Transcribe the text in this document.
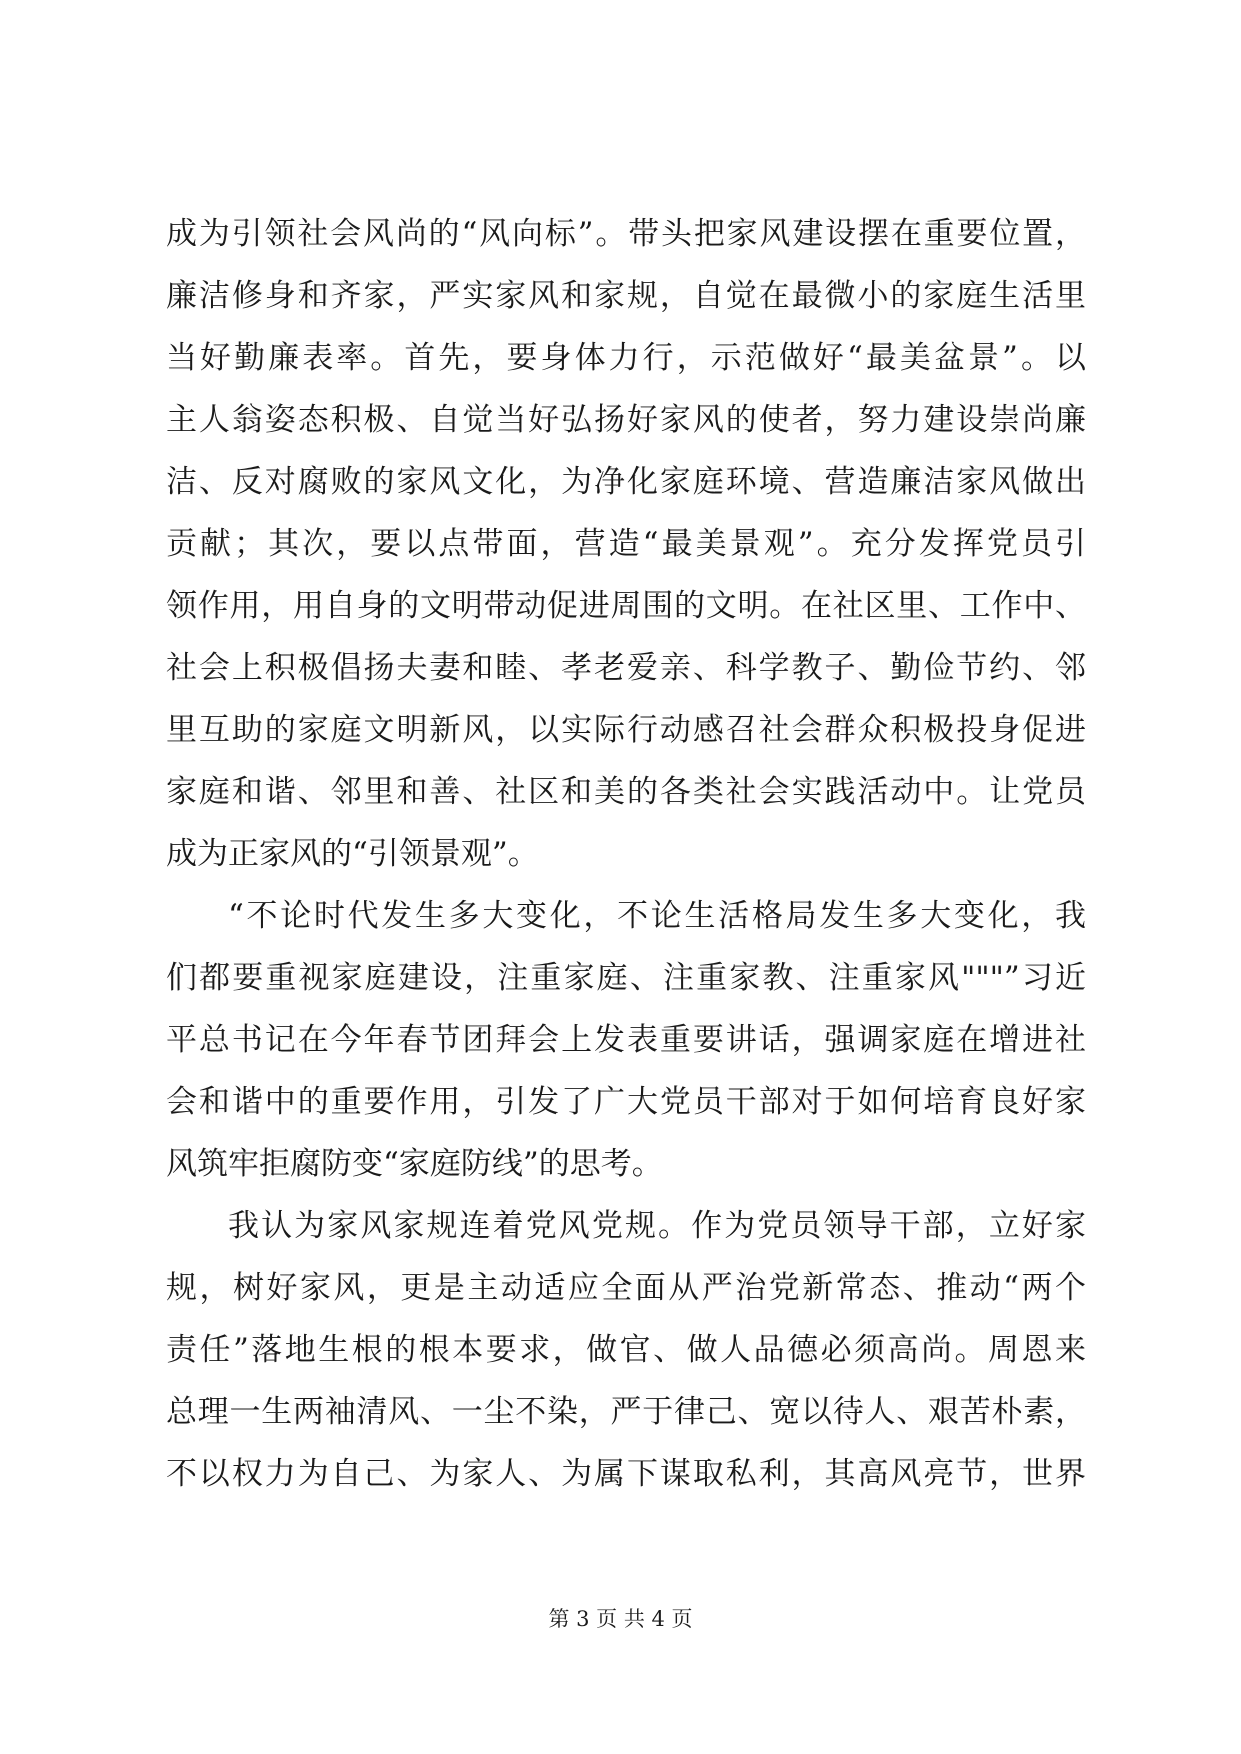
成为引领社会风尚的“风向标”。带头把家风建设摆在重要位置，
廉洁修身和齐家，严实家风和家规，自觉在最微小的家庭生活里
当好勤廉表率。首先，要身体力行，示范做好“最美盆景”。以
主人翁姿态积极、自觉当好弘扬好家风的使者，努力建设崇尚廉
洁、反对腐败的家风文化，为净化家庭环境、营造廉洁家风做出
贡献；其次，要以点带面，营造“最美景观”。充分发挥党员引
领作用，用自身的文明带动促进周围的文明。在社区里、工作中、
社会上积极倡扬夫妻和睦、孝老爱亲、科学教子、勤俭节约、邻
里互助的家庭文明新风，以实际行动感召社会群众积极投身促进
家庭和谐、邻里和善、社区和美的各类社会实践活动中。让党员
成为正家风的“引领景观”。
“不论时代发生多大变化，不论生活格局发生多大变化，我
们都要重视家庭建设，注重家庭、注重家教、注重家风"""”习近
平总书记在今年春节团拜会上发表重要讲话，强调家庭在增进社
会和谐中的重要作用，引发了广大党员干部对于如何培育良好家
风筑牢拒腐防变“家庭防线”的思考。
我认为家风家规连着党风党规。作为党员领导干部，立好家
规，树好家风，更是主动适应全面从严治党新常态、推动“两个
责任”落地生根的根本要求，做官、做人品德必须高尚。周恩来
总理一生两袖清风、一尘不染，严于律己、宽以待人、艰苦朴素，
不以权力为自己、为家人、为属下谋取私利，其高风亮节，世界
第 3 页 共 4 页
